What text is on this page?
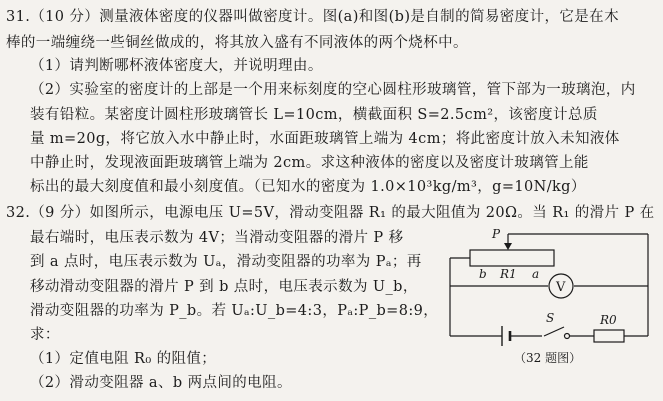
31.（10 分）测量液体密度的仪器叫做密度计。图(a)和图(b)是自制的简易密度计，它是在木
棒的一端缠绕一些铜丝做成的，将其放入盛有不同液体的两个烧杯中。
（1）请判断哪杯液体密度大，并说明理由。
（2）实验室的密度计的上部是一个用来标刻度的空心圆柱形玻璃管，管下部为一玻璃泡，内
装有铅粒。某密度计圆柱形玻璃管长 L=10cm，横截面积 S=2.5cm²，该密度计总质
量 m=20g，将它放入水中静止时，水面距玻璃管上端为 4cm；将此密度计放入未知液体
中静止时，发现液面距玻璃管上端为 2cm。求这种液体的密度以及密度计玻璃管上能
标出的最大刻度值和最小刻度值。（已知水的密度为 1.0×10³kg/m³，g=10N/kg）
32.（9 分）如图所示，电源电压 U=5V，滑动变阻器 R₁ 的最大阻值为 20Ω。当 R₁ 的滑片 P 在
最右端时，电压表示数为 4V；当滑动变阻器的滑片 P 移
到 a 点时，电压表示数为 Uₐ，滑动变阻器的功率为 Pₐ；再
移动滑动变阻器的滑片 P 到 b 点时，电压表示数为 U_b，
滑动变阻器的功率为 P_b。若 Uₐ:U_b=4:3，Pₐ:P_b=8:9，
求：
（1）定值电阻 R₀ 的阻值；
（2）滑动变阻器 a、b 两点间的电阻。
P
b R1 a
V
S	R0
（32 题图）
